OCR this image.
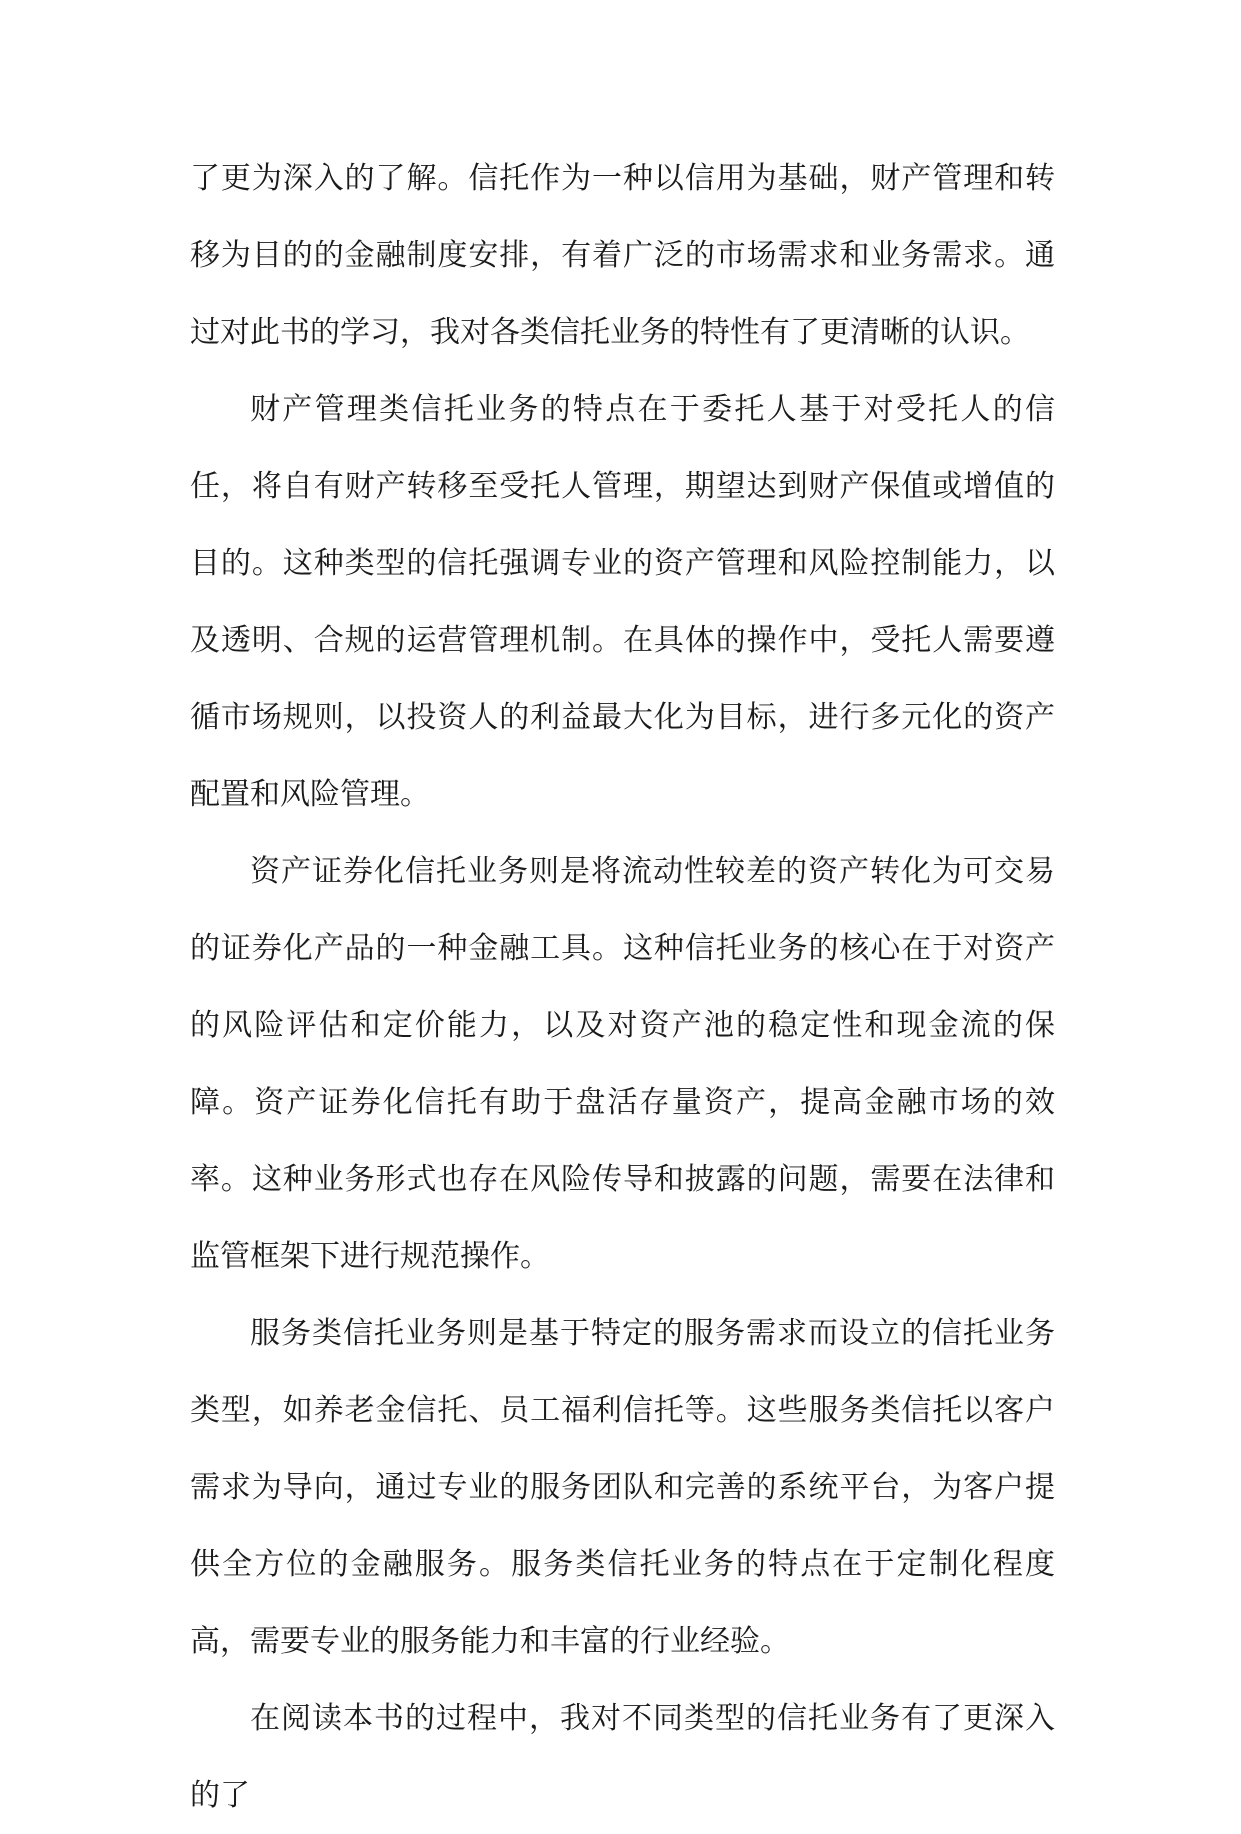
了更为深入的了解。信托作为一种以信用为基础，财产管理和转移为目的的金融制度安排，有着广泛的市场需求和业务需求。通过对此书的学习，我对各类信托业务的特性有了更清晰的认识。

财产管理类信托业务的特点在于委托人基于对受托人的信任，将自有财产转移至受托人管理，期望达到财产保值或增值的目的。这种类型的信托强调专业的资产管理和风险控制能力，以及透明、合规的运营管理机制。在具体的操作中，受托人需要遵循市场规则，以投资人的利益最大化为目标，进行多元化的资产配置和风险管理。

资产证券化信托业务则是将流动性较差的资产转化为可交易的证券化产品的一种金融工具。这种信托业务的核心在于对资产的风险评估和定价能力，以及对资产池的稳定性和现金流的保障。资产证券化信托有助于盘活存量资产，提高金融市场的效率。这种业务形式也存在风险传导和披露的问题，需要在法律和监管框架下进行规范操作。

服务类信托业务则是基于特定的服务需求而设立的信托业务类型，如养老金信托、员工福利信托等。这些服务类信托以客户需求为导向，通过专业的服务团队和完善的系统平台，为客户提供全方位的金融服务。服务类信托业务的特点在于定制化程度高，需要专业的服务能力和丰富的行业经验。

在阅读本书的过程中，我对不同类型的信托业务有了更深入的了
